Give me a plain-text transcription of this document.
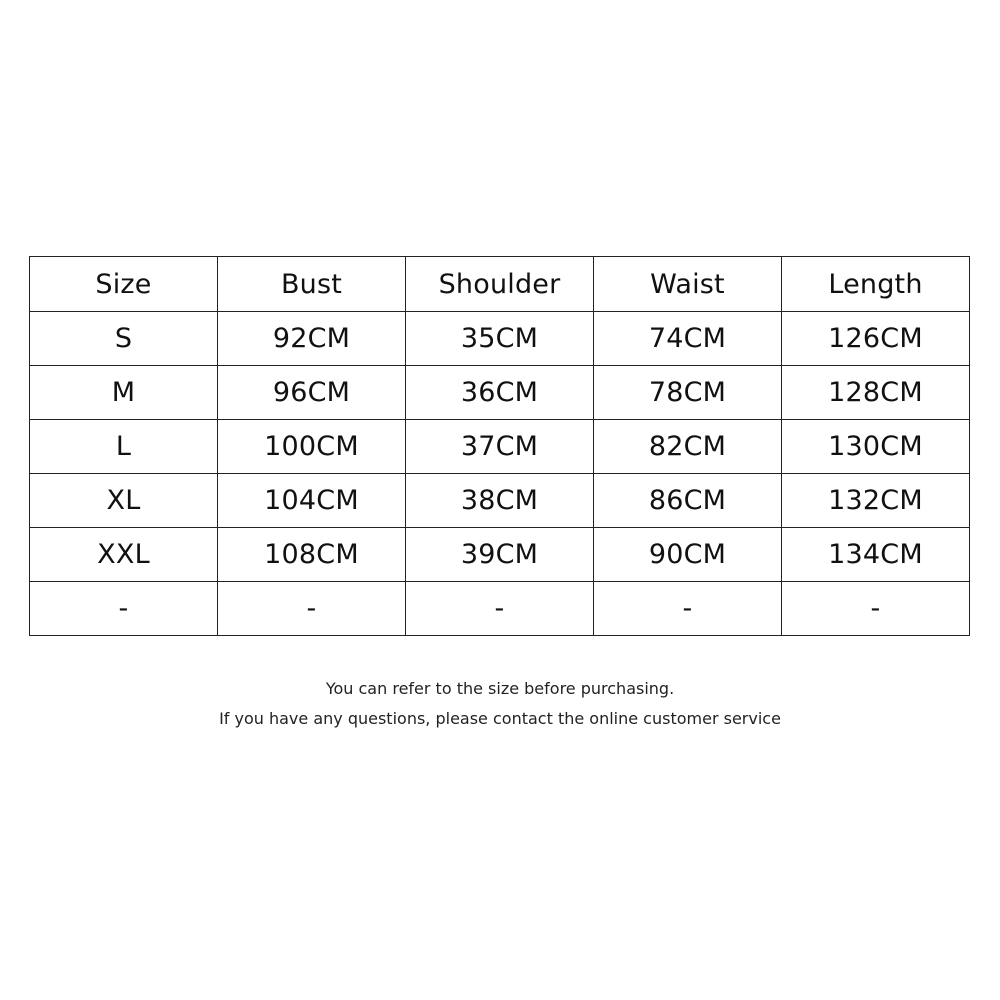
Size	Bust	Shoulder	Waist	Length
S	92CM	35CM	74CM	126CM
M	96CM	36CM	78CM	128CM
L	100CM	37CM	82CM	130CM
XL	104CM	38CM	86CM	132CM
XXL	108CM	39CM	90CM	134CM
-	-	-	-	-
You can refer to the size before purchasing.
If you have any questions, please contact the online customer service
